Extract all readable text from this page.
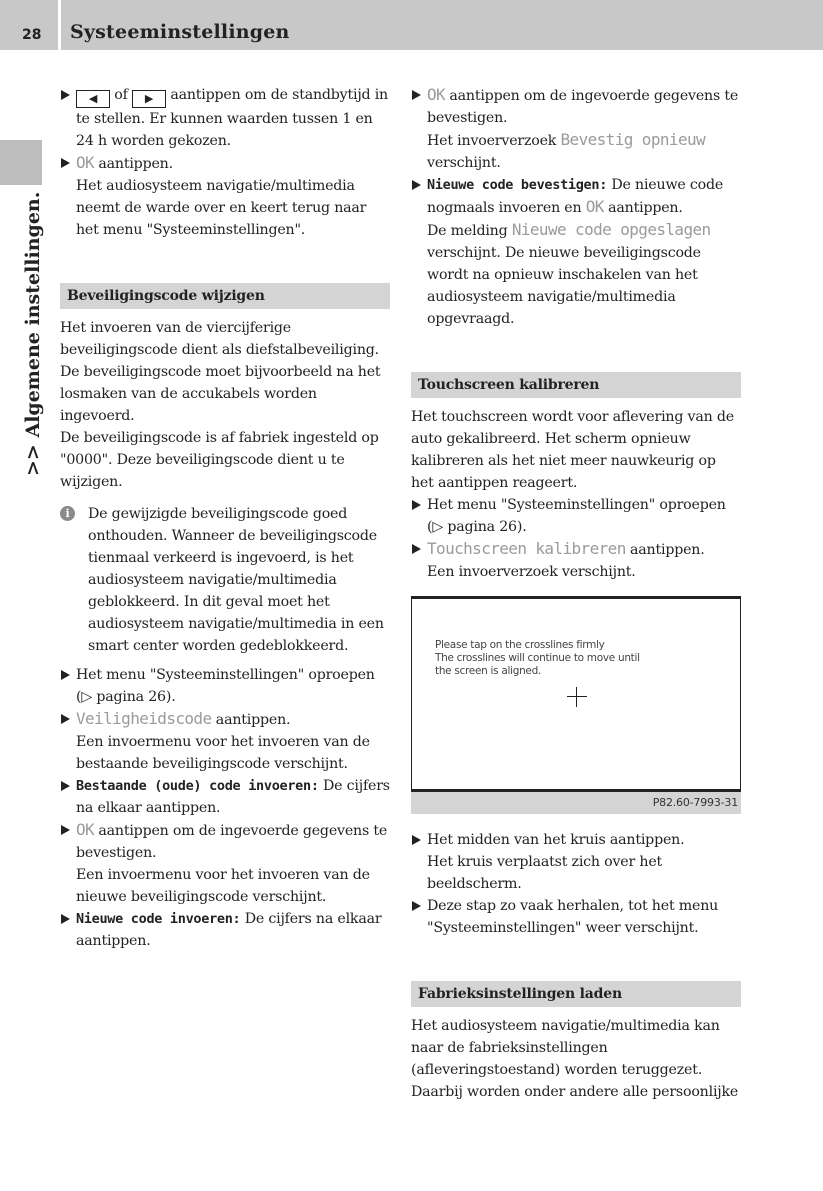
28 Systeeminstellingen
>> Algemene instellingen.
◀ of ▶ aantippen om de standbytijd in te stellen. Er kunnen waarden tussen 1 en 24 h worden gekozen.
OK aantippen.
Het audiosysteem navigatie/multimedia neemt de warde over en keert terug naar het menu "Systeeminstellingen".
Beveiligingscode wijzigen
Het invoeren van de viercijferige beveiligingscode dient als diefstalbeveiliging. De beveiligingscode moet bijvoorbeeld na het losmaken van de accukabels worden ingevoerd.
De beveiligingscode is af fabriek ingesteld op "0000". Deze beveiligingscode dient u te wijzigen.
i	De gewijzigde beveiligingscode goed onthouden. Wanneer de beveiligingscode tienmaal verkeerd is ingevoerd, is het audiosysteem navigatie/multimedia geblokkeerd. In dit geval moet het audiosysteem navigatie/multimedia in een smart center worden gedeblokkeerd.
Het menu "Systeeminstellingen" oproepen (▷ pagina 26).
Veiligheidscode aantippen.
Een invoermenu voor het invoeren van de bestaande beveiligingscode verschijnt.
Bestaande (oude) code invoeren: De cijfers na elkaar aantippen.
OK aantippen om de ingevoerde gegevens te bevestigen.
Een invoermenu voor het invoeren van de nieuwe beveiligingscode verschijnt.
Nieuwe code invoeren: De cijfers na elkaar aantippen.
OK aantippen om de ingevoerde gegevens te bevestigen.
Het invoerverzoek Bevestig opnieuw verschijnt.
Nieuwe code bevestigen: De nieuwe code nogmaals invoeren en OK aantippen.
De melding Nieuwe code opgeslagen verschijnt. De nieuwe beveiligingscode wordt na opnieuw inschakelen van het audiosysteem navigatie/multimedia opgevraagd.
Touchscreen kalibreren
Het touchscreen wordt voor aflevering van de auto gekalibreerd. Het scherm opnieuw kalibreren als het niet meer nauwkeurig op het aantippen reageert.
Het menu "Systeeminstellingen" oproepen (▷ pagina 26).
Touchscreen kalibreren aantippen.
Een invoerverzoek verschijnt.
Please tap on the crosslines firmly
The crosslines will continue to move until
the screen is aligned.
P82.60-7993-31
Het midden van het kruis aantippen.
Het kruis verplaatst zich over het beeldscherm.
Deze stap zo vaak herhalen, tot het menu "Systeeminstellingen" weer verschijnt.
Fabrieksinstellingen laden
Het audiosysteem navigatie/multimedia kan naar de fabrieksinstellingen (afleveringstoestand) worden teruggezet. Daarbij worden onder andere alle persoonlijke
